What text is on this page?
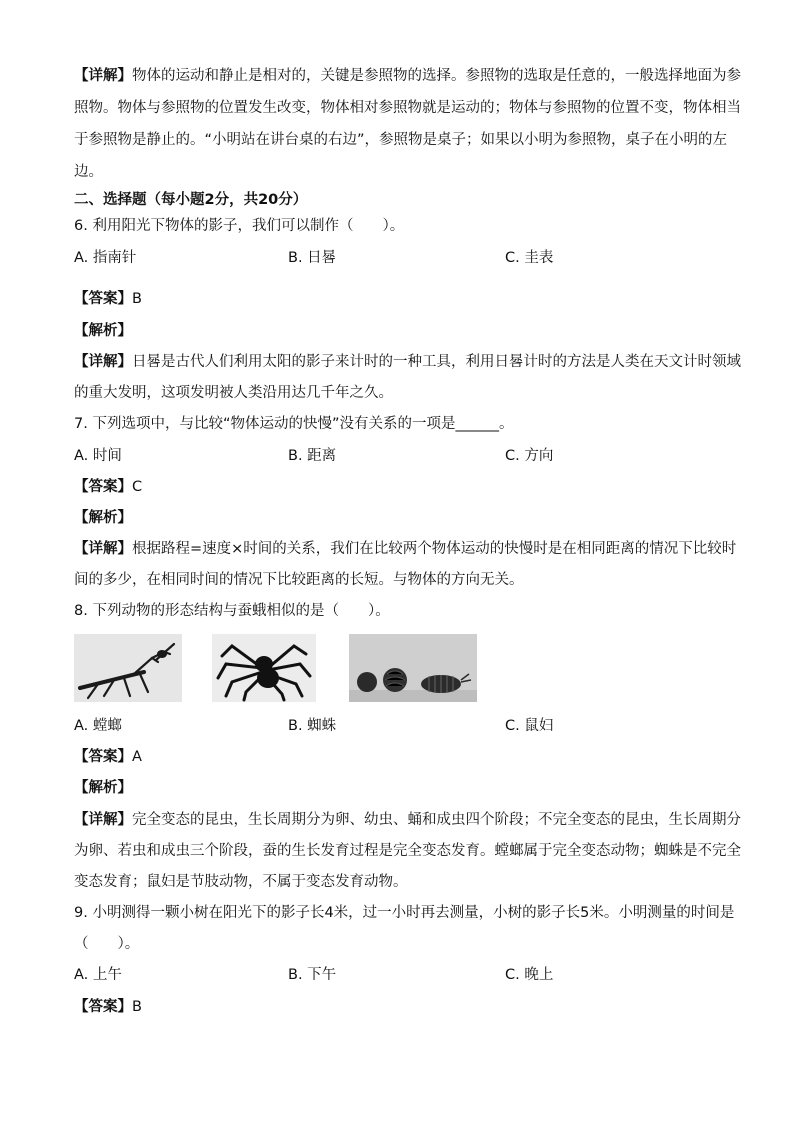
【详解】物体的运动和静止是相对的，关键是参照物的选择。参照物的选取是任意的，一般选择地面为参
照物。物体与参照物的位置发生改变，物体相对参照物就是运动的；物体与参照物的位置不变，物体相当
于参照物是静止的。“小明站在讲台桌的右边”，参照物是桌子；如果以小明为参照物，桌子在小明的左
边。
二、选择题（每小题2分，共20分）
6. 利用阳光下物体的影子，我们可以制作（　　）。
A. 指南针	B. 日晷	C. 圭表
【答案】B
【解析】
【详解】日晷是古代人们利用太阳的影子来计时的一种工具，利用日晷计时的方法是人类在天文计时领域
的重大发明，这项发明被人类沿用达几千年之久。
7. 下列选项中，与比较“物体运动的快慢”没有关系的一项是______。
A. 时间	B. 距离	C. 方向
【答案】C
【解析】
【详解】根据路程=速度×时间的关系，我们在比较两个物体运动的快慢时是在相同距离的情况下比较时
间的多少，在相同时间的情况下比较距离的长短。与物体的方向无关。
8. 下列动物的形态结构与蚕蛾相似的是（　　）。
A. 螳螂	B. 蜘蛛	C. 鼠妇
【答案】A
【解析】
【详解】完全变态的昆虫，生长周期分为卵、幼虫、蛹和成虫四个阶段；不完全变态的昆虫，生长周期分
为卵、若虫和成虫三个阶段，蚕的生长发育过程是完全变态发育。螳螂属于完全变态动物；蜘蛛是不完全
变态发育；鼠妇是节肢动物，不属于变态发育动物。
9. 小明测得一颗小树在阳光下的影子长4米，过一小时再去测量，小树的影子长5米。小明测量的时间是
（　　）。
A. 上午	B. 下午	C. 晚上
【答案】B
